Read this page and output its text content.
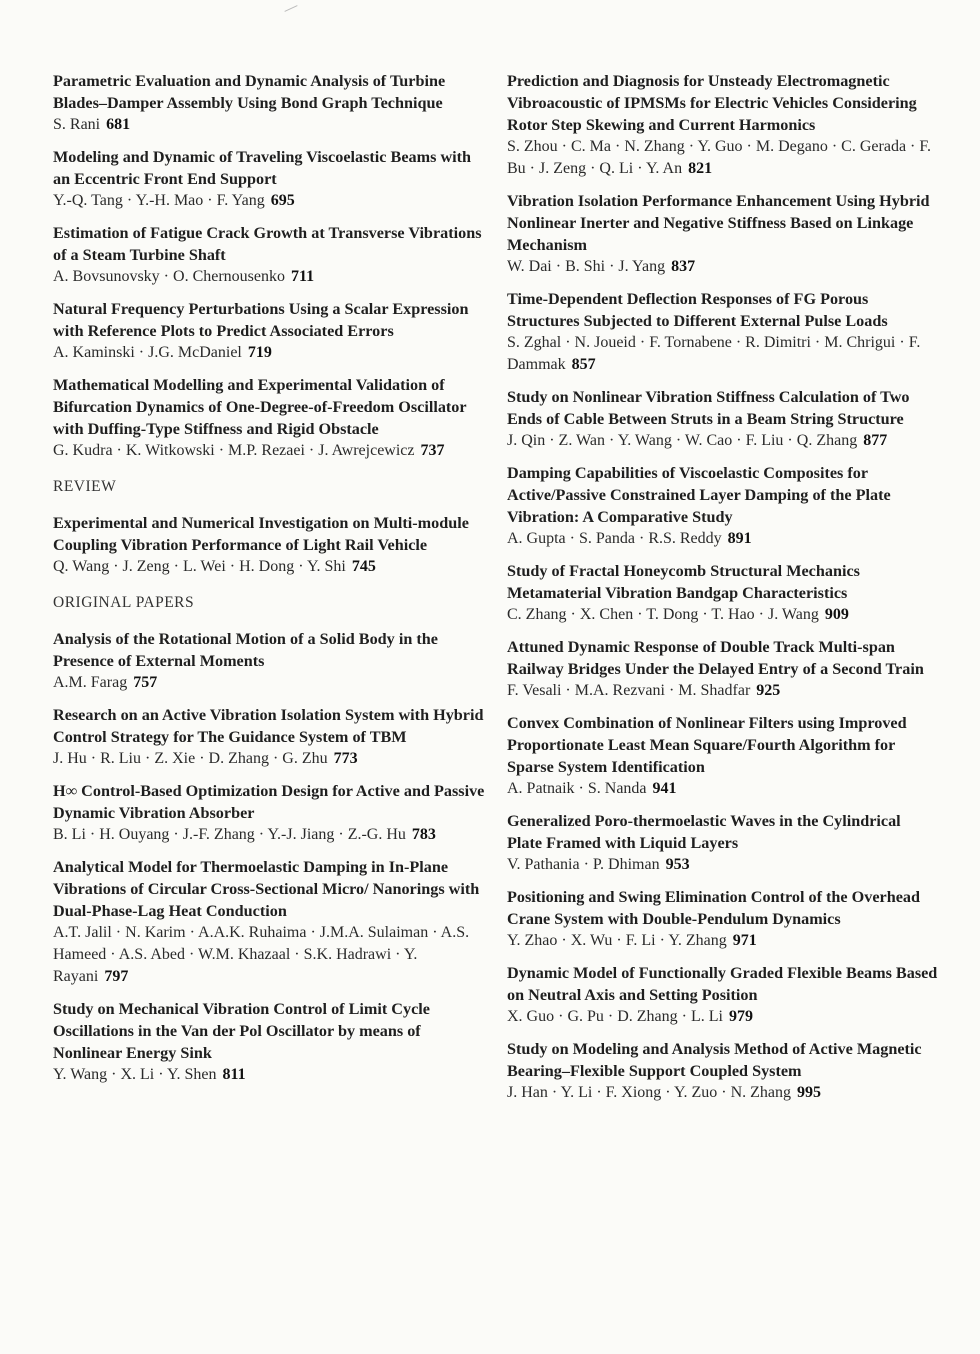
Parametric Evaluation and Dynamic Analysis of Turbine Blades–Damper Assembly Using Bond Graph Technique
S. Rani 681
Modeling and Dynamic of Traveling Viscoelastic Beams with an Eccentric Front End Support
Y.-Q. Tang · Y.-H. Mao · F. Yang 695
Estimation of Fatigue Crack Growth at Transverse Vibrations of a Steam Turbine Shaft
A. Bovsunovsky · O. Chernousenko 711
Natural Frequency Perturbations Using a Scalar Expression with Reference Plots to Predict Associated Errors
A. Kaminski · J.G. McDaniel 719
Mathematical Modelling and Experimental Validation of Bifurcation Dynamics of One-Degree-of-Freedom Oscillator with Duffing-Type Stiffness and Rigid Obstacle
G. Kudra · K. Witkowski · M.P. Rezaei · J. Awrejcewicz 737
REVIEW
Experimental and Numerical Investigation on Multi-module Coupling Vibration Performance of Light Rail Vehicle
Q. Wang · J. Zeng · L. Wei · H. Dong · Y. Shi 745
ORIGINAL PAPERS
Analysis of the Rotational Motion of a Solid Body in the Presence of External Moments
A.M. Farag 757
Research on an Active Vibration Isolation System with Hybrid Control Strategy for The Guidance System of TBM
J. Hu · R. Liu · Z. Xie · D. Zhang · G. Zhu 773
H∞ Control-Based Optimization Design for Active and Passive Dynamic Vibration Absorber
B. Li · H. Ouyang · J.-F. Zhang · Y.-J. Jiang · Z.-G. Hu 783
Analytical Model for Thermoelastic Damping in In-Plane Vibrations of Circular Cross-Sectional Micro/ Nanorings with Dual-Phase-Lag Heat Conduction
A.T. Jalil · N. Karim · A.A.K. Ruhaima · J.M.A. Sulaiman · A.S. Hameed · A.S. Abed · W.M. Khazaal · S.K. Hadrawi · Y. Rayani 797
Study on Mechanical Vibration Control of Limit Cycle Oscillations in the Van der Pol Oscillator by means of Nonlinear Energy Sink
Y. Wang · X. Li · Y. Shen 811
Prediction and Diagnosis for Unsteady Electromagnetic Vibroacoustic of IPMSMs for Electric Vehicles Considering Rotor Step Skewing and Current Harmonics
S. Zhou · C. Ma · N. Zhang · Y. Guo · M. Degano · C. Gerada · F. Bu · J. Zeng · Q. Li · Y. An 821
Vibration Isolation Performance Enhancement Using Hybrid Nonlinear Inerter and Negative Stiffness Based on Linkage Mechanism
W. Dai · B. Shi · J. Yang 837
Time-Dependent Deflection Responses of FG Porous Structures Subjected to Different External Pulse Loads
S. Zghal · N. Joueid · F. Tornabene · R. Dimitri · M. Chrigui · F. Dammak 857
Study on Nonlinear Vibration Stiffness Calculation of Two Ends of Cable Between Struts in a Beam String Structure
J. Qin · Z. Wan · Y. Wang · W. Cao · F. Liu · Q. Zhang 877
Damping Capabilities of Viscoelastic Composites for Active/Passive Constrained Layer Damping of the Plate Vibration: A Comparative Study
A. Gupta · S. Panda · R.S. Reddy 891
Study of Fractal Honeycomb Structural Mechanics Metamaterial Vibration Bandgap Characteristics
C. Zhang · X. Chen · T. Dong · T. Hao · J. Wang 909
Attuned Dynamic Response of Double Track Multi-span Railway Bridges Under the Delayed Entry of a Second Train
F. Vesali · M.A. Rezvani · M. Shadfar 925
Convex Combination of Nonlinear Filters using Improved Proportionate Least Mean Square/Fourth Algorithm for Sparse System Identification
A. Patnaik · S. Nanda 941
Generalized Poro-thermoelastic Waves in the Cylindrical Plate Framed with Liquid Layers
V. Pathania · P. Dhiman 953
Positioning and Swing Elimination Control of the Overhead Crane System with Double-Pendulum Dynamics
Y. Zhao · X. Wu · F. Li · Y. Zhang 971
Dynamic Model of Functionally Graded Flexible Beams Based on Neutral Axis and Setting Position
X. Guo · G. Pu · D. Zhang · L. Li 979
Study on Modeling and Analysis Method of Active Magnetic Bearing–Flexible Support Coupled System
J. Han · Y. Li · F. Xiong · Y. Zuo · N. Zhang 995
